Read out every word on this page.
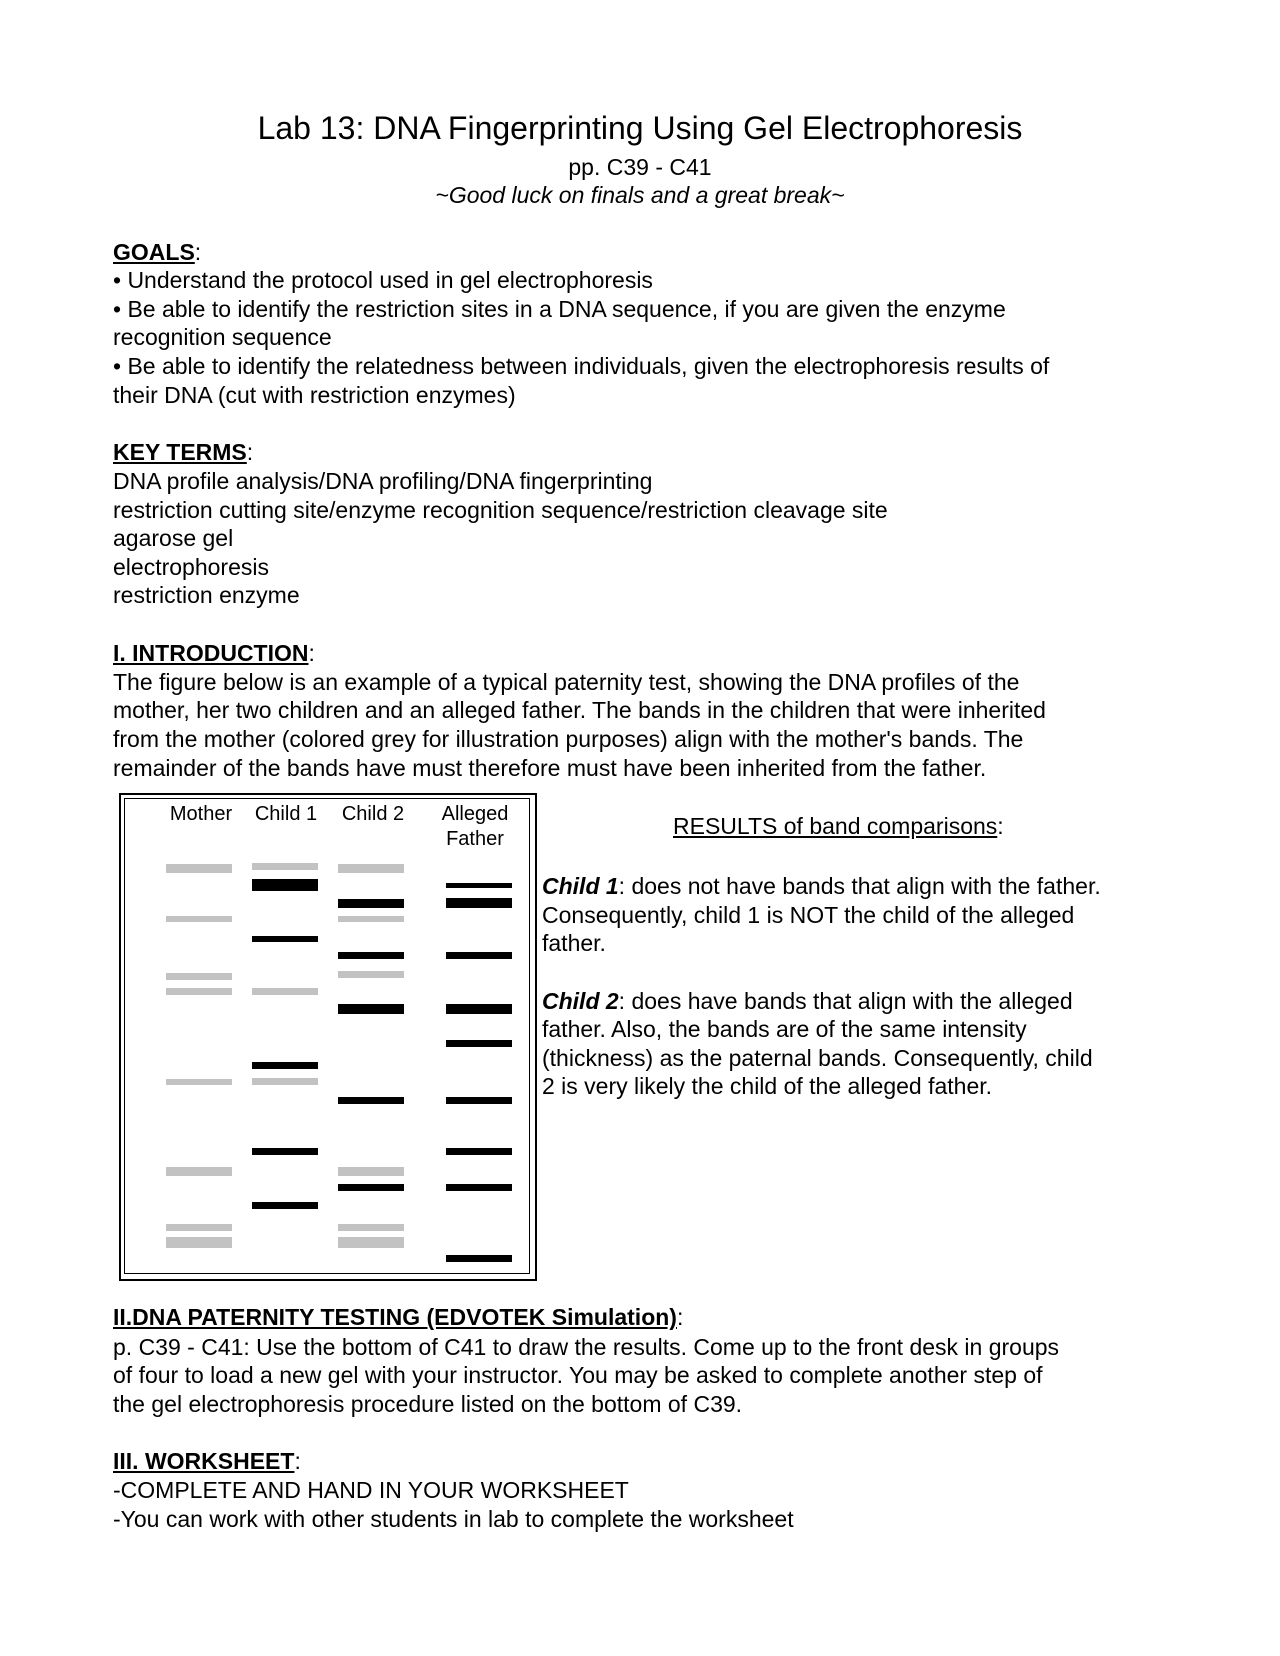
Lab 13: DNA Fingerprinting Using Gel Electrophoresis
pp. C39 - C41
~Good luck on finals and a great break~
GOALS:
• Understand the protocol used in gel electrophoresis
• Be able to identify the restriction sites in a DNA sequence, if you are given the enzyme
recognition sequence
• Be able to identify the relatedness between individuals, given the electrophoresis results of
their DNA (cut with restriction enzymes)
KEY TERMS:
DNA profile analysis/DNA profiling/DNA fingerprinting
restriction cutting site/enzyme recognition sequence/restriction cleavage site
agarose gel
electrophoresis
restriction enzyme
I. INTRODUCTION:
The figure below is an example of a typical paternity test, showing the DNA profiles of the
mother, her two children and an alleged father. The bands in the children that were inherited
from the mother (colored grey for illustration purposes) align with the mother's bands. The
remainder of the bands have must therefore must have been inherited from the father.
Mother	Child 1	Child 2	Alleged
Father	RESULTS of band comparisons:
Child 1: does not have bands that align with the father.
Consequently, child 1 is NOT the child of the alleged
father.
Child 2: does have bands that align with the alleged
father. Also, the bands are of the same intensity
(thickness) as the paternal bands. Consequently, child
2 is very likely the child of the alleged father.
II.DNA PATERNITY TESTING (EDVOTEK Simulation):
p. C39 - C41: Use the bottom of C41 to draw the results. Come up to the front desk in groups
of four to load a new gel with your instructor. You may be asked to complete another step of
the gel electrophoresis procedure listed on the bottom of C39.
III. WORKSHEET:
-COMPLETE AND HAND IN YOUR WORKSHEET
-You can work with other students in lab to complete the worksheet
